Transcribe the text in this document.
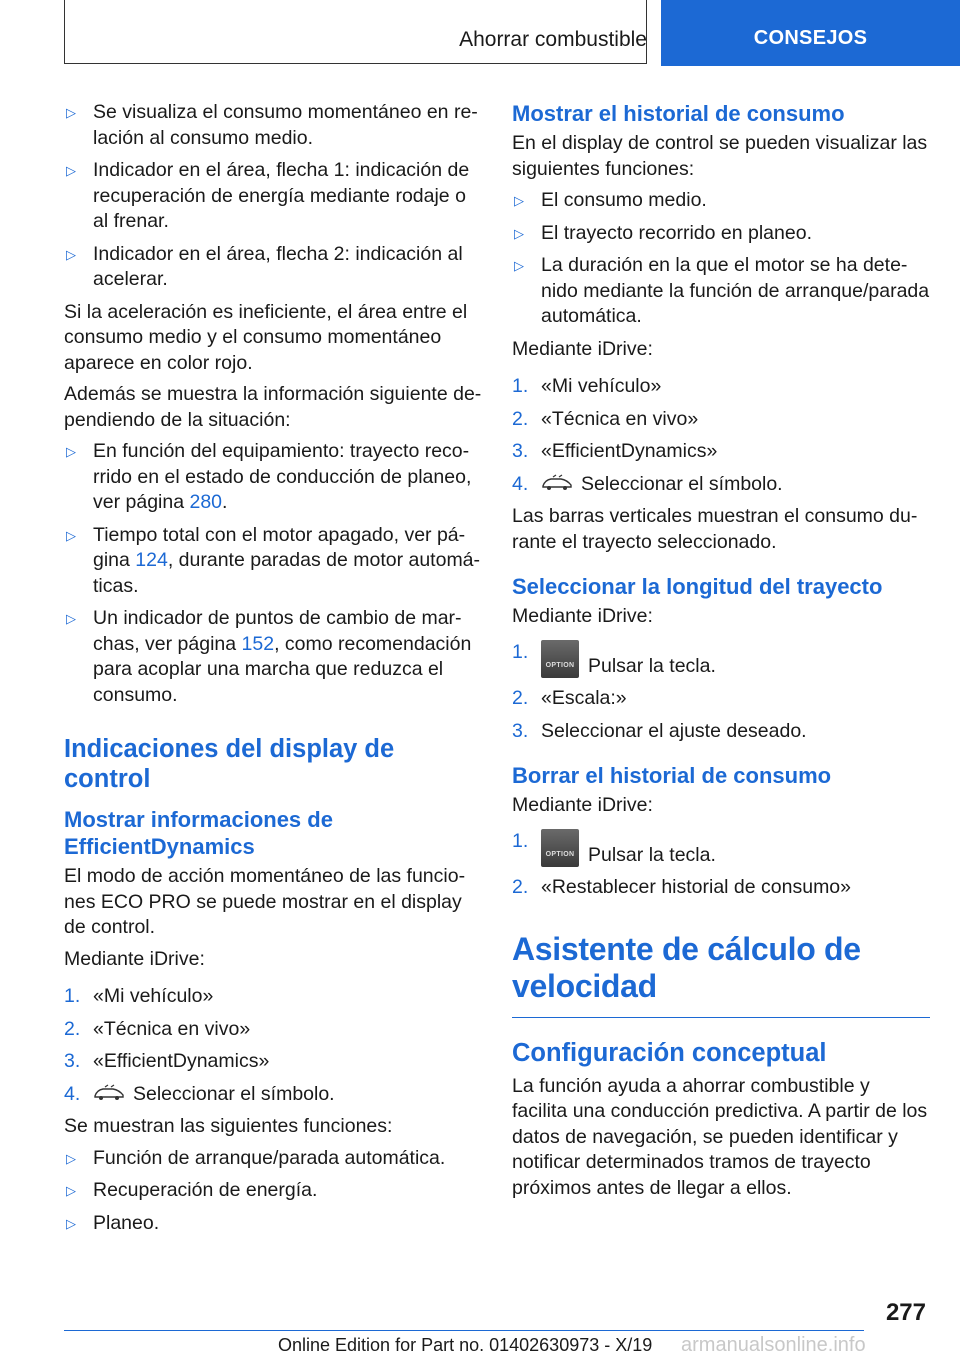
Ahorrar combustible	CONSEJOS
▷ Se visualiza el consumo momentáneo en relación al consumo medio.
▷ Indicador en el área, flecha 1: indicación de recuperación de energía mediante rodaje o al frenar.
▷ Indicador en el área, flecha 2: indicación al acelerar.

Si la aceleración es ineficiente, el área entre el consumo medio y el consumo momentáneo aparece en color rojo.

Además se muestra la información siguiente dependiendo de la situación:

▷ En función del equipamiento: trayecto recorrido en el estado de conducción de planeo, ver página 280.
▷ Tiempo total con el motor apagado, ver página 124, durante paradas de motor automáticas.
▷ Un indicador de puntos de cambio de marchas, ver página 152, como recomendación para acoplar una marcha que reduzca el consumo.
Indicaciones del display de control
Mostrar informaciones de EfficientDynamics

El modo de acción momentáneo de las funciones ECO PRO se puede mostrar en el display de control.

Mediante iDrive:

1. «Mi vehículo»
2. «Técnica en vivo»
3. «EfficientDynamics»
4.	Seleccionar el símbolo.

Se muestran las siguientes funciones:

▷ Función de arranque/parada automática.
▷ Recuperación de energía.
▷ Planeo.
Mostrar el historial de consumo

En el display de control se pueden visualizar las siguientes funciones:

▷ El consumo medio.
▷ El trayecto recorrido en planeo.
▷ La duración en la que el motor se ha detenido mediante la función de arranque/parada automática.

Mediante iDrive:

1. «Mi vehículo»
2. «Técnica en vivo»
3. «EfficientDynamics»
4.	Seleccionar el símbolo.

Las barras verticales muestran el consumo durante el trayecto seleccionado.

Seleccionar la longitud del trayecto

Mediante iDrive:

1.
OPTION Pulsar la tecla.
2. «Escala:»
3. Seleccionar el ajuste deseado.
Borrar el historial de consumo

Mediante iDrive:

1.
OPTION Pulsar la tecla.
2. «Restablecer historial de consumo»
Asistente de cálculo de velocidad
Configuración conceptual

La función ayuda a ahorrar combustible y facilita una conducción predictiva. A partir de los datos de navegación, se pueden identificar y notificar determinados tramos de trayecto próximos antes de llegar a ellos.

277
Online Edition for Part no. 01402630973 - X/19 armanualsonline.info
